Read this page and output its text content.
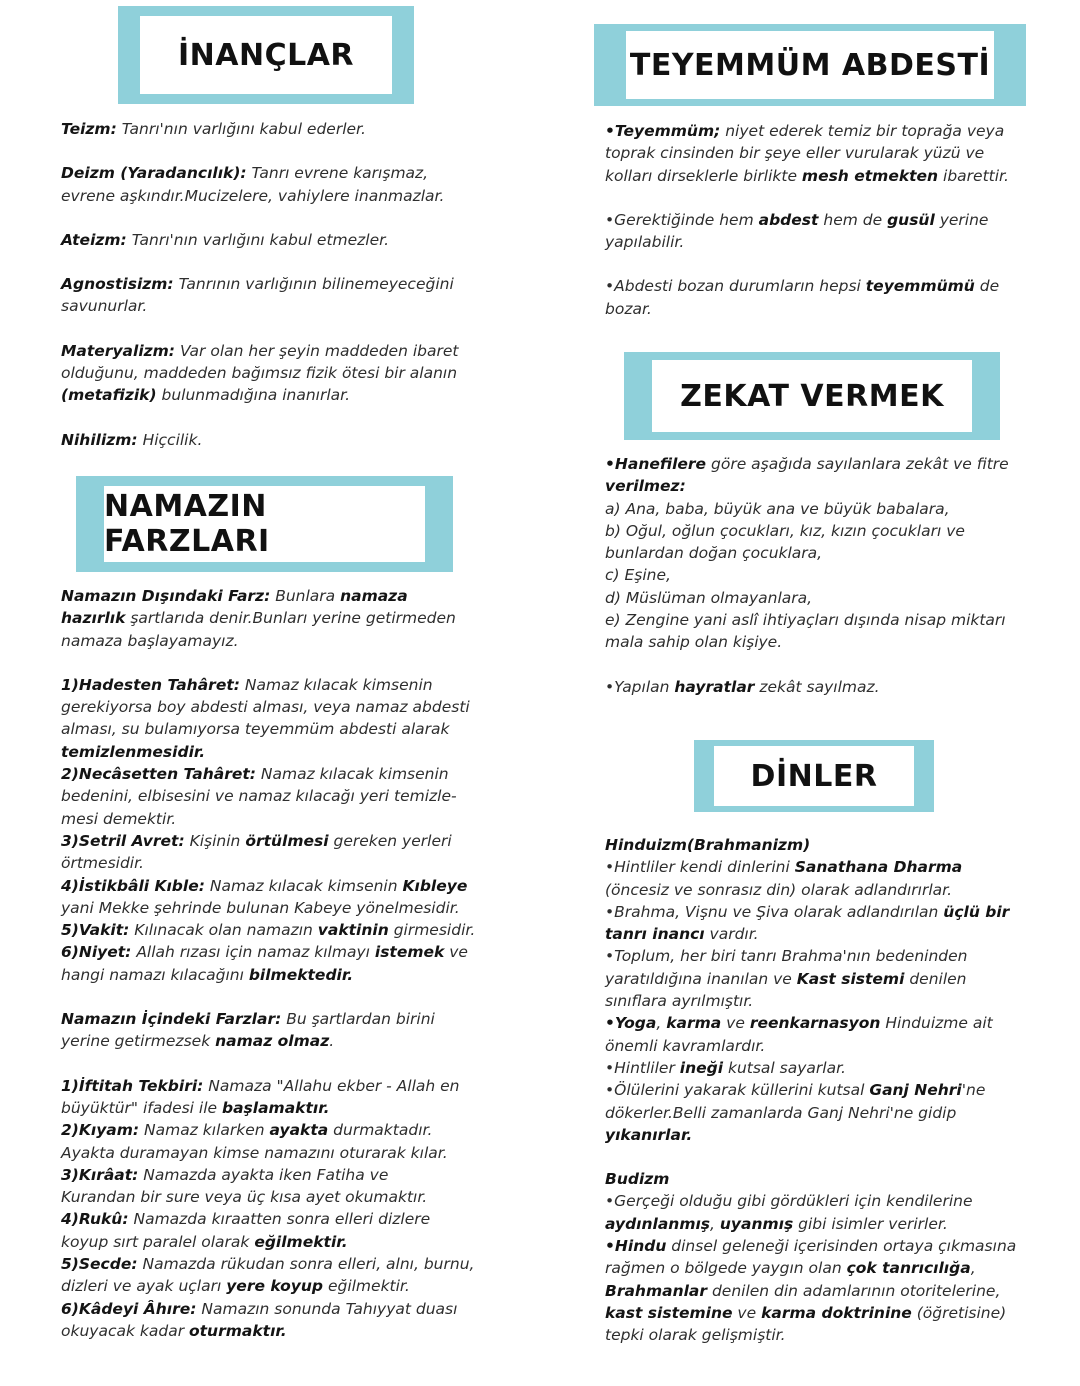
İNANÇLAR
NAMAZIN FARZLARI
TEYEMMÜM ABDESTİ
ZEKAT VERMEK
DİNLER

Teizm: Tanrı'nın varlığını kabul ederler.

Deizm (Yaradancılık): Tanrı evrene karışmaz,
evrene aşkındır.Mucizelere, vahiylere inanmazlar.

Ateizm: Tanrı'nın varlığını kabul etmezler.

Agnostisizm: Tanrının varlığının bilinemeyeceğini
savunurlar.

Materyalizm: Var olan her şeyin maddeden ibaret
olduğunu, maddeden bağımsız fizik ötesi bir alanın
(metafizik) bulunmadığına inanırlar.

Nihilizm: Hiçcilik.

Namazın Dışındaki Farz: Bunlara namaza
hazırlık şartlarıda denir.Bunları yerine getirmeden
namaza başlayamayız.

1)Hadesten Tahâret: Namaz kılacak kimsenin
gerekiyorsa boy abdesti alması, veya namaz abdesti
alması, su bulamıyorsa teyemmüm abdesti alarak
temizlenmesidir.

2)Necâsetten Tahâret: Namaz kılacak kimsenin
bedenini, elbisesini ve namaz kılacağı yeri temizle-
mesi demektir.

3)Setril Avret: Kişinin örtülmesi gereken yerleri
örtmesidir.

4)İstikbâli Kıble: Namaz kılacak kimsenin Kıbleye
yani Mekke şehrinde bulunan Kabeye yönelmesidir.

5)Vakit: Kılınacak olan namazın vaktinin girmesidir.

6)Niyet: Allah rızası için namaz kılmayı istemek ve
hangi namazı kılacağını bilmektedir.

Namazın İçindeki Farzlar: Bu şartlardan birini
yerine getirmezsek namaz olmaz.

1)İftitah Tekbiri: Namaza "Allahu ekber - Allah en
büyüktür" ifadesi ile başlamaktır.

2)Kıyam: Namaz kılarken ayakta durmaktadır.
Ayakta duramayan kimse namazını oturarak kılar.

3)Kırâat: Namazda ayakta iken Fatiha ve
Kurandan bir sure veya üç kısa ayet okumaktır.

4)Rukû: Namazda kıraatten sonra elleri dizlere
koyup sırt paralel olarak eğilmektir.

5)Secde: Namazda rükudan sonra elleri, alnı, burnu,
dizleri ve ayak uçları yere koyup eğilmektir.

6)Kâdeyi Âhıre: Namazın sonunda Tahıyyat duası
okuyacak kadar oturmaktır.

•Teyemmüm; niyet ederek temiz bir toprağa veya
toprak cinsinden bir şeye eller vurularak yüzü ve
kolları dirseklerle birlikte mesh etmekten ibarettir.

•Gerektiğinde hem abdest hem de gusül yerine
yapılabilir.

•Abdesti bozan durumların hepsi teyemmümü de
bozar.

•Hanefilere göre aşağıda sayılanlara zekât ve fitre
verilmez:

a) Ana, baba, büyük ana ve büyük babalara,

b) Oğul, oğlun çocukları, kız, kızın çocukları ve
bunlardan doğan çocuklara,

c) Eşine,

d) Müslüman olmayanlara,

e) Zengine yani aslî ihtiyaçları dışında nisap miktarı
mala sahip olan kişiye.

•Yapılan hayratlar zekât sayılmaz.

Hinduizm(Brahmanizm)

•Hintliler kendi dinlerini Sanathana Dharma
(öncesiz ve sonrasız din) olarak adlandırırlar.

•Brahma, Vişnu ve Şiva olarak adlandırılan üçlü bir
tanrı inancı vardır.

•Toplum, her biri tanrı Brahma'nın bedeninden
yaratıldığına inanılan ve Kast sistemi denilen
sınıflara ayrılmıştır.

•Yoga, karma ve reenkarnasyon Hinduizme ait
önemli kavramlardır.

•Hintliler ineği kutsal sayarlar.

•Ölülerini yakarak küllerini kutsal Ganj Nehri'ne
dökerler.Belli zamanlarda Ganj Nehri'ne gidip
yıkanırlar.

Budizm

•Gerçeği olduğu gibi gördükleri için kendilerine
aydınlanmış, uyanmış gibi isimler verirler.

•Hindu dinsel geleneği içerisinden ortaya çıkmasına
rağmen o bölgede yaygın olan çok tanrıcılığa,
Brahmanlar denilen din adamlarının otoritelerine,
kast sistemine ve karma doktrinine (öğretisine)
tepki olarak gelişmiştir.
